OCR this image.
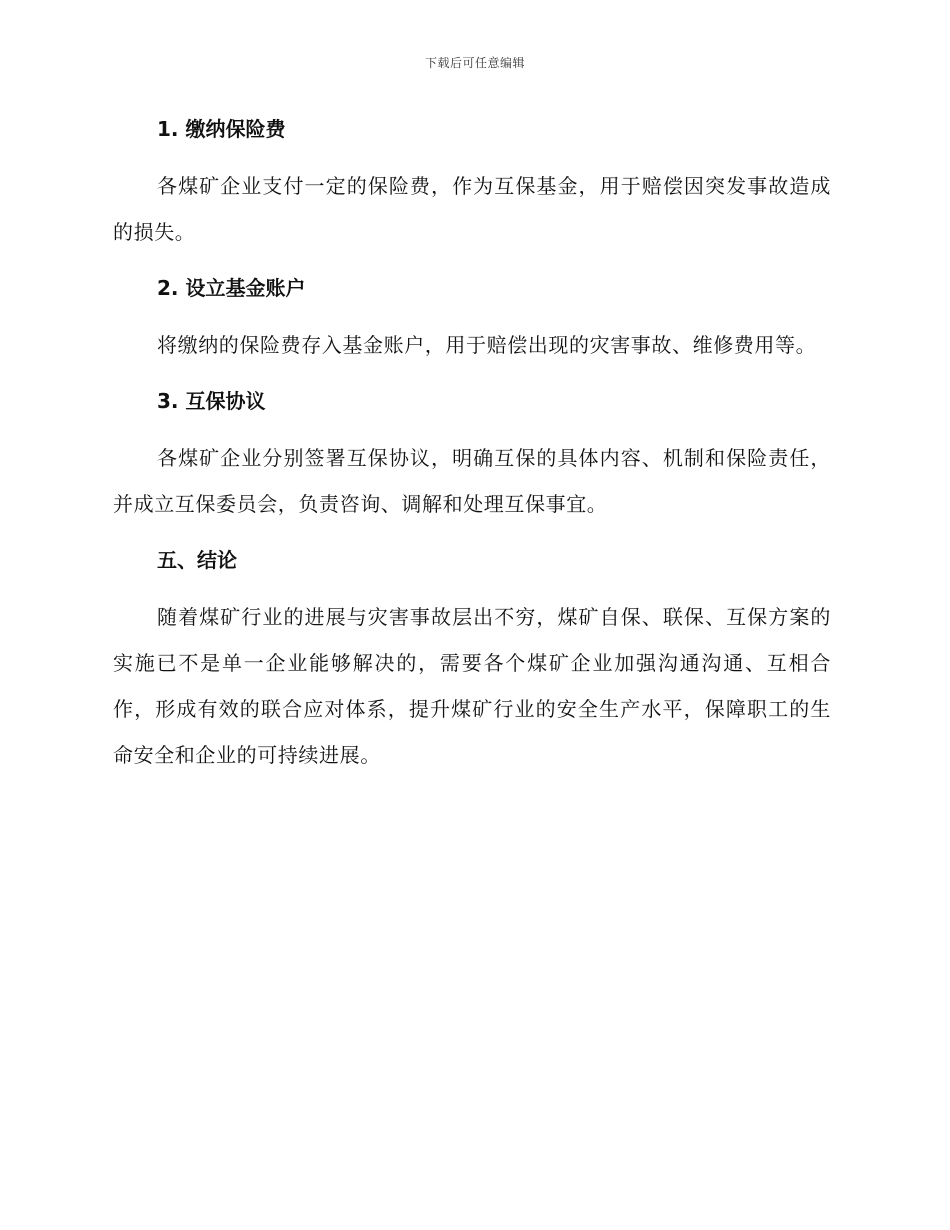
下载后可任意编辑
1. 缴纳保险费

各煤矿企业支付一定的保险费，作为互保基金，用于赔偿因突发事故造成的损失。

2. 设立基金账户

将缴纳的保险费存入基金账户，用于赔偿出现的灾害事故、维修费用等。

3. 互保协议

各煤矿企业分别签署互保协议，明确互保的具体内容、机制和保险责任，并成立互保委员会，负责咨询、调解和处理互保事宜。

五、结论

随着煤矿行业的进展与灾害事故层出不穷，煤矿自保、联保、互保方案的实施已不是单一企业能够解决的，需要各个煤矿企业加强沟通沟通、互相合作，形成有效的联合应对体系，提升煤矿行业的安全生产水平，保障职工的生命安全和企业的可持续进展。
